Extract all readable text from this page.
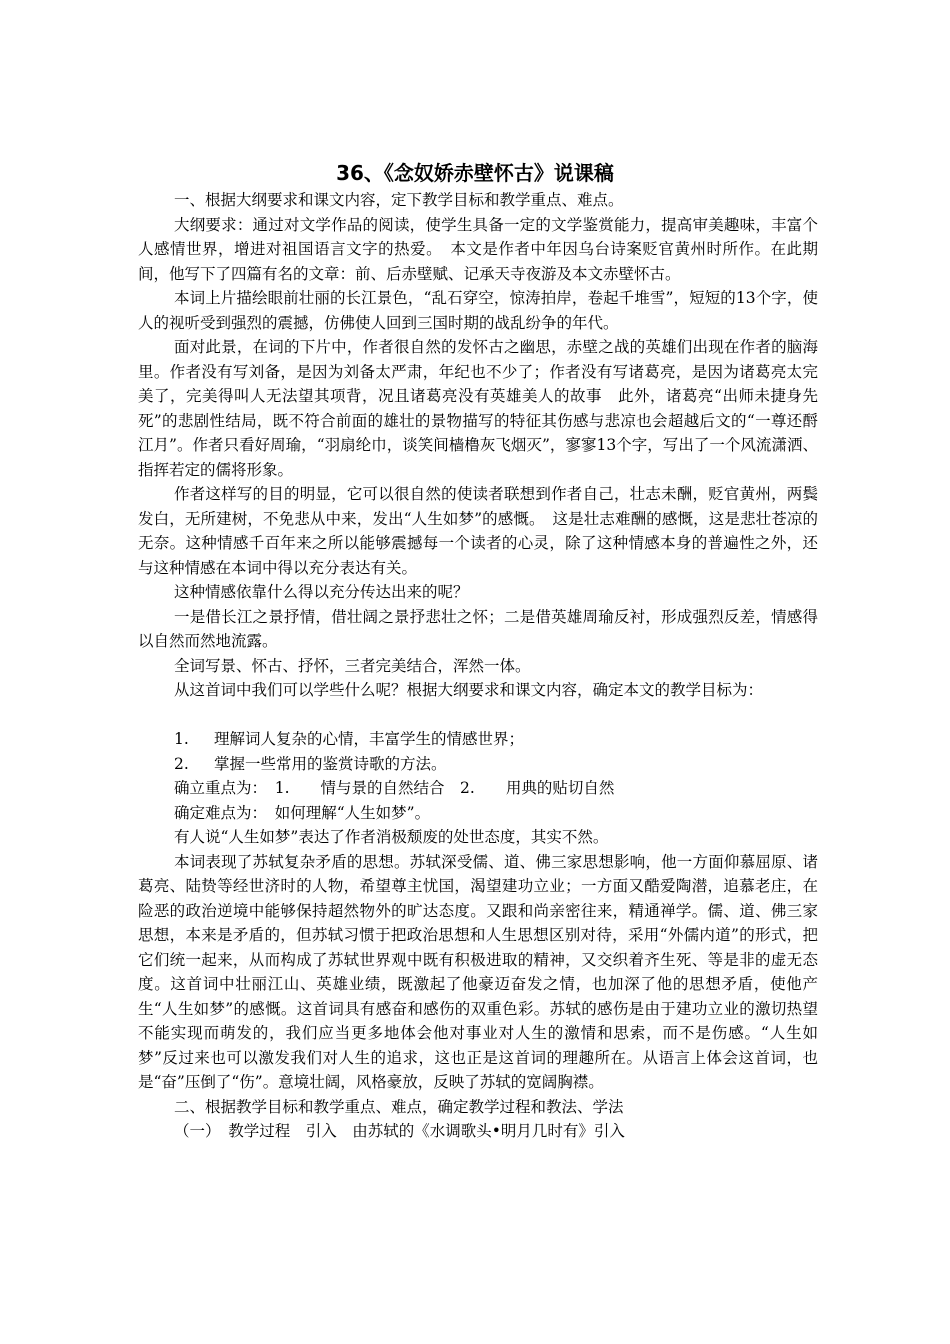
36、《念奴娇赤壁怀古》说课稿

一、根据大纲要求和课文内容，定下教学目标和教学重点、难点。

大纲要求：通过对文学作品的阅读，使学生具备一定的文学鉴赏能力，提高审美趣味，丰富个人感情世界，增进对祖国语言文字的热爱。　本文是作者中年因乌台诗案贬官黄州时所作。在此期间，他写下了四篇有名的文章：前、后赤壁赋、记承天寺夜游及本文赤壁怀古。

本词上片描绘眼前壮丽的长江景色，“乱石穿空，惊涛拍岸，卷起千堆雪”，短短的13个字，使人的视听受到强烈的震撼，仿佛使人回到三国时期的战乱纷争的年代。

面对此景，在词的下片中，作者很自然的发怀古之幽思，赤壁之战的英雄们出现在作者的脑海里。作者没有写刘备，是因为刘备太严肃，年纪也不少了；作者没有写诸葛亮，是因为诸葛亮太完美了，完美得叫人无法望其项背，况且诸葛亮没有英雄美人的故事　此外，诸葛亮“出师未捷身先死”的悲剧性结局，既不符合前面的雄壮的景物描写的特征其伤感与悲凉也会超越后文的“一尊还酹江月”。作者只看好周瑜，“羽扇纶巾，谈笑间樯橹灰飞烟灭”，寥寥13个字，写出了一个风流潇洒、指挥若定的儒将形象。

作者这样写的目的明显，它可以很自然的使读者联想到作者自己，壮志未酬，贬官黄州，两鬓发白，无所建树，不免悲从中来，发出“人生如梦”的感慨。　这是壮志难酬的感慨，这是悲壮苍凉的无奈。这种情感千百年来之所以能够震撼每一个读者的心灵，除了这种情感本身的普遍性之外，还与这种情感在本词中得以充分表达有关。

这种情感依靠什么得以充分传达出来的呢？

一是借长江之景抒情，借壮阔之景抒悲壮之怀；二是借英雄周瑜反衬，形成强烈反差，情感得以自然而然地流露。

全词写景、怀古、抒怀，三者完美结合，浑然一体。

从这首词中我们可以学些什么呢？根据大纲要求和课文内容，确定本文的教学目标为：

1. 理解词人复杂的心情，丰富学生的情感世界；

2. 掌握一些常用的鉴赏诗歌的方法。

确立重点为：　1.　　情与景的自然结合　2.　　用典的贴切自然

确定难点为：　如何理解“人生如梦”。

有人说“人生如梦”表达了作者消极颓废的处世态度，其实不然。

本词表现了苏轼复杂矛盾的思想。苏轼深受儒、道、佛三家思想影响，他一方面仰慕屈原、诸葛亮、陆贽等经世济时的人物，希望尊主忧国，渴望建功立业；一方面又酷爱陶潜，追慕老庄，在险恶的政治逆境中能够保持超然物外的旷达态度。又跟和尚亲密往来，精通禅学。儒、道、佛三家思想，本来是矛盾的，但苏轼习惯于把政治思想和人生思想区别对待，采用“外儒内道”的形式，把它们统一起来，从而构成了苏轼世界观中既有积极进取的精神，又交织着齐生死、等是非的虚无态度。这首词中壮丽江山、英雄业绩，既激起了他豪迈奋发之情，也加深了他的思想矛盾，使他产生“人生如梦”的感慨。这首词具有感奋和感伤的双重色彩。苏轼的感伤是由于建功立业的激切热望不能实现而萌发的，我们应当更多地体会他对事业对人生的激情和思索，而不是伤感。“人生如梦”反过来也可以激发我们对人生的追求，这也正是这首词的理趣所在。从语言上体会这首词，也是“奋”压倒了“伤”。意境壮阔，风格豪放，反映了苏轼的宽阔胸襟。

二、根据教学目标和教学重点、难点，确定教学过程和教法、学法

（一）　教学过程　引入　由苏轼的《水调歌头•明月几时有》引入
